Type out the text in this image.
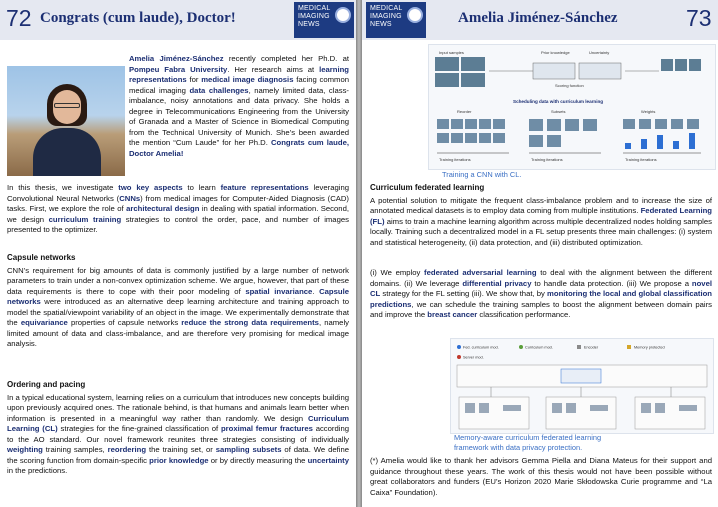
72 Congrats (cum laude), Doctor!
MEDICAL
IMAGING
NEWS

Amelia Jiménez-Sánchez recently completed her Ph.D. at Pompeu Fabra University. Her research aims at learning representations for medical image diagnosis facing common medical imaging data challenges, namely limited data, class-imbalance, noisy annotations and data privacy. She holds a degree in Telecommunications Engineering from the University of Granada and a Master of Science in Biomedical Computing from the Technical University of Munich. She’s been awarded the mention “Cum Laude” for her Ph.D. Congrats cum laude, Doctor Amelia!

In this thesis, we investigate two key aspects to learn feature representations leveraging Convolutional Neural Networks (CNNs) from medical images for Computer-Aided Diagnosis (CAD) tasks. First, we explore the role of architectural design in dealing with spatial information. Second, we design curriculum training strategies to control the order, pace, and number of images presented to the optimizer.

Capsule networks

CNN’s requirement for big amounts of data is commonly justified by a large number of network parameters to train under a non-convex optimization scheme. We argue, however, that part of these data requirements is there to cope with their poor modeling of spatial invariance. Capsule networks were introduced as an alternative deep learning architecture and training approach to model the spatial/viewpoint variability of an object in the image. We experimentally demonstrate that the equivariance properties of capsule networks reduce the strong data requirements, namely limited amount of data and class-imbalance, and are therefore very promising for medical image analysis.

Ordering and pacing

In a typical educational system, learning relies on a curriculum that introduces new concepts building upon previously acquired ones. The rationale behind, is that humans and animals learn better when information is presented in a meaningful way rather than randomly. We design Curriculum Learning (CL) strategies for the fine-grained classification of proximal femur fractures according to the AO standard. Our novel framework reunites three strategies consisting of individually weighting training samples, reordering the training set, or sampling subsets of data. We define the scoring function from domain-specific prior knowledge or by directly measuring the uncertainty in the predictions.

MEDICAL
IMAGING
NEWS	Amelia Jiménez-Sánchez	73
Input samples	Prior knowledge	Uncertainty
Scoring function
Scheduling data with curriculum learning
Reorder	Subsets	Weights
Training iterations	Training iterations	Training iterations
Training a CNN with CL.

Curriculum federated learning

A potential solution to mitigate the frequent class-imbalance problem and to increase the size of annotated medical datasets is to employ data coming from multiple institutions. Federated Learning (FL) aims to train a machine learning algorithm across multiple decentralized nodes holding samples locally. Training such a decentralized model in a FL setup presents three main challenges: (i) system and statistical heterogeneity, (ii) data protection, and (iii) distributed optimization.

(i) We employ federated adversarial learning to deal with the alignment between the different domains. (ii) We leverage differential privacy to handle data protection. (iii) We propose a novel CL strategy for the FL setting (iii). We show that, by monitoring the local and global classification predictions, we can schedule the training samples to boost the alignment between domain pairs and improve the breast cancer classification performance.

Fed. curriculum mod.	Curriculum mod.	Encoder	Memory protected
Server mod.
Memory-aware curriculum federated learning framework with data privacy protection.

(*) Amelia would like to thank her advisors Gemma Piella and Diana Mateus for their support and guidance throughout these years. The work of this thesis would not have been possible without great collaborators and funders (EU’s Horizon 2020 Marie Skłodowska Curie programme and “La Caixa” Foundation).
